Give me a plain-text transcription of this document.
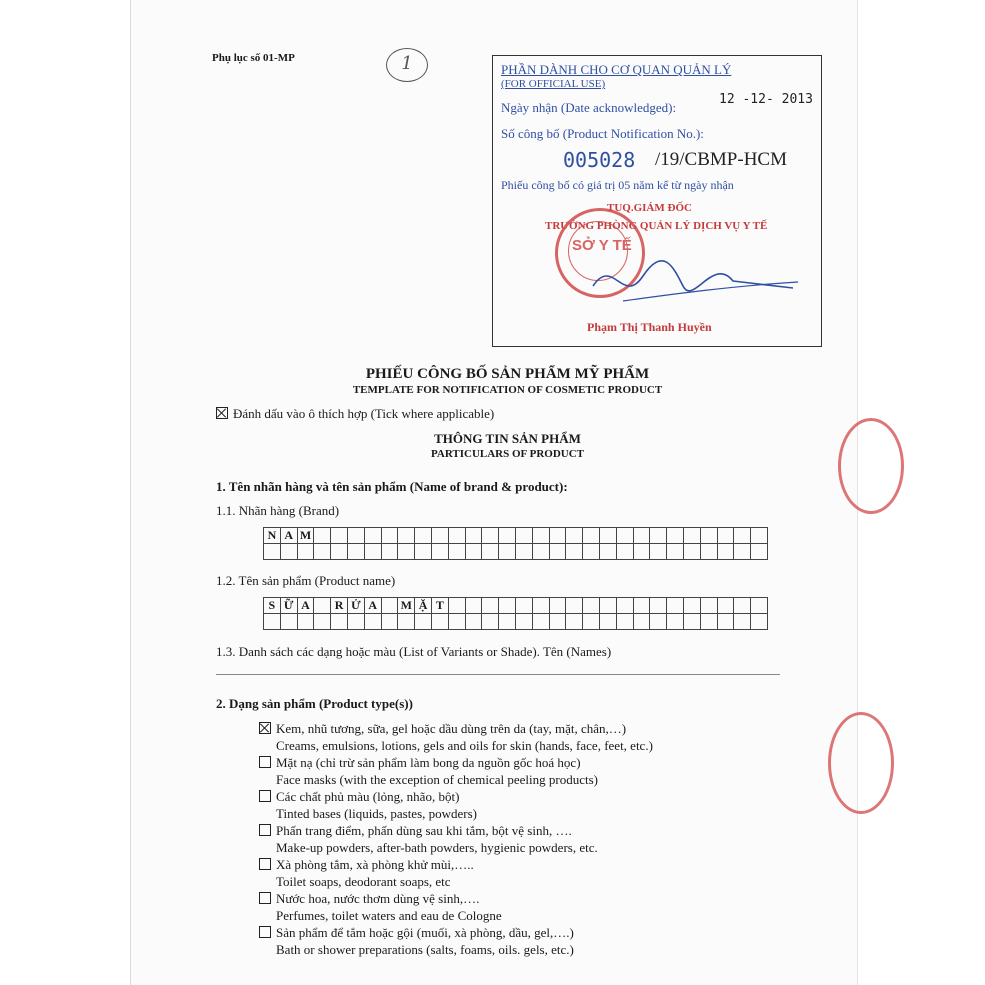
Phụ lục số 01-MP	1	PHẦN DÀNH CHO CƠ QUAN QUẢN LÝ
(FOR OFFICIAL USE)
Ngày nhận (Date acknowledged):
12 -12- 2013
Số công bố (Product Notification No.):
005028 /19/CBMP-HCM
Phiếu công bố có giá trị 05 năm kể từ ngày nhận
TUQ.GIÁM ĐỐC
TRƯỞNG PHÒNG QUẢN LÝ DỊCH VỤ Y TẾ
SỞ Y TẾ
Phạm Thị Thanh Huyền
PHIẾU CÔNG BỐ SẢN PHẨM MỸ PHẨM
TEMPLATE FOR NOTIFICATION OF COSMETIC PRODUCT
Đánh dấu vào ô thích hợp (Tick where applicable)
THÔNG TIN SẢN PHẨM
PARTICULARS OF PRODUCT
1. Tên nhãn hàng và tên sản phẩm (Name of brand & product):
1.1. Nhãn hàng (Brand)
N	A	M																											

1.2. Tên sản phẩm (Product name)
S	Ữ	A		R	Ử	A		M	Ặ	T																			

1.3. Danh sách các dạng hoặc màu (List of Variants or Shade). Tên (Names)
2. Dạng sản phẩm (Product type(s))
Kem, nhũ tương, sữa, gel hoặc dầu dùng trên da (tay, mặt, chân,…)
Creams, emulsions, lotions, gels and oils for skin (hands, face, feet, etc.)
Mặt nạ (chỉ trừ sản phẩm làm bong da nguồn gốc hoá học)
Face masks (with the exception of chemical peeling products)
Các chất phủ màu (lỏng, nhão, bột)
Tinted bases (liquids, pastes, powders)
Phấn trang điểm, phấn dùng sau khi tắm, bột vệ sinh, ….
Make-up powders, after-bath powders, hygienic powders, etc.
Xà phòng tắm, xà phòng khử mùi,…..
Toilet soaps, deodorant soaps, etc
Nước hoa, nước thơm dùng vệ sinh,….
Perfumes, toilet waters and eau de Cologne
Sản phẩm để tắm hoặc gội (muối, xà phòng, dầu, gel,….)
Bath or shower preparations (salts, foams, oils. gels, etc.)
